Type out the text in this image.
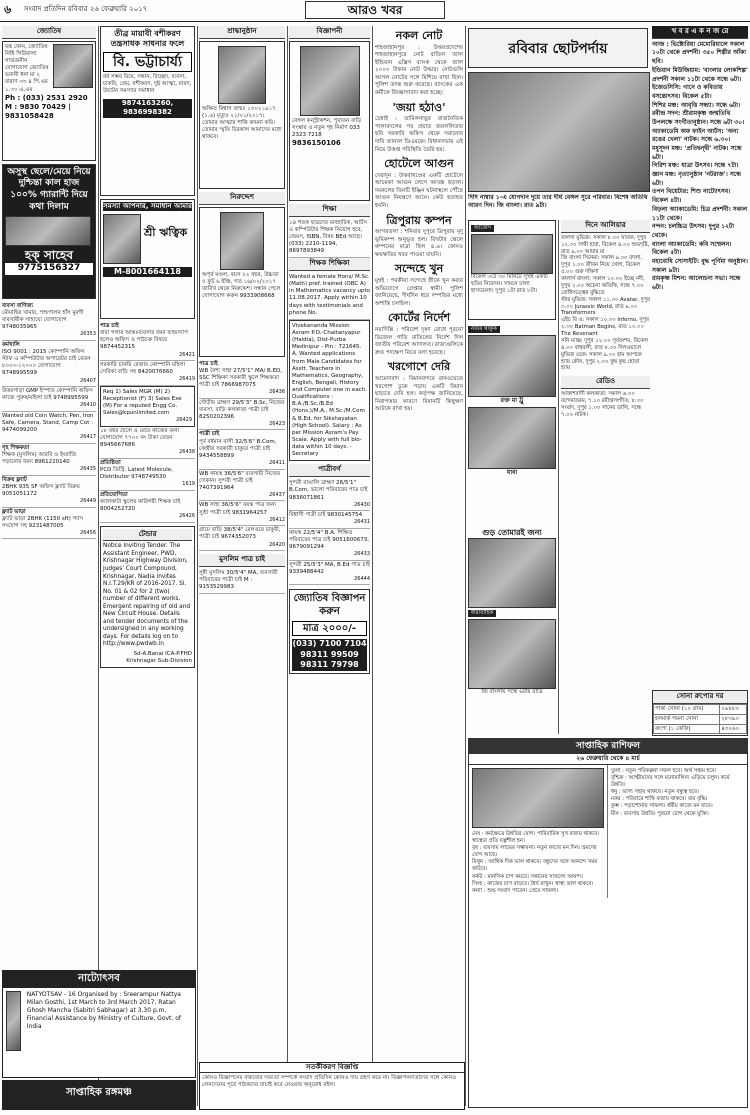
৬ সংবাদ প্রতিদিন রবিবার ২৬ ফেব্রুয়ারি ২০১৭	আরও খবর
জ্যোতিষ

যন্ত্র ফোন, জ্যোতিষ নিধি গিরিবালা সার্ভজনীন যোগাযোগ জ্যোতিষ ভবানী ধনা মা ২ বারাণ ৩৩ ৪ পি.এম ১.৩০ এ.এম

Ph : (033) 2531 2920

M : 9830 70429 | 9831058428

অসুস্থ ছেলে/মেয়ে নিয়ে দুশ্চিন্তা কাল হাজ ১০০% গ্যারান্টি দিয়ে কথা দিলাম

হক্‌ সাহেব

9775156327

ব্যবসা বাণিজ্য
মৌমাছির খামার, পশুপালন হাঁস মুরগী ব্যবসায়ীক সাহায্যে যোগাযোগ 9748035965
26353
কর্মখালি
ISO 9001 : 2015 কোম্পানি অফিস স্টাফ ও কম্পিউটার অপারেটর চাই বেতন ৮০০০-১২০০০ যোগাযোগ 9748995599
26407
উত্তরপাড়া GMP ইস্পাত কোম্পানি অফিস কাজে পুরুষ/মহিলা চাই 9748995599
26410
Wanted old Coin Watch, Pen, Iron Safe, Camera, Stand, Camp Cot : 9474099200
26417
গৃহ শিক্ষকতা
শিক্ষক (মুসলিম) আরবি ও ইংরাজি পড়ানোর জন্য 8961220140
26435
বিক্রয় ফ্ল্যাট
2BHK 935 SF অফিস ফ্ল্যাট বিক্রয় 9051051172
26449
ফ্ল্যাট ভাড়া
ফ্ল্যাট ভাড়া 2BHK (1150 sft) গ্যাস সংযোগ সহ 9231487005
26456
নাট্যোৎসব

NATYOTSAV - 16 Organised by : Sreerampur Nattya Milan Gosthi, 1st March to 3rd March 2017, Ratan Ghosh Mancha (Sabitri Sabhagar) at 3.30 p.m. Financial Assistance by Ministry of Culture, Govt. of India

সাপ্তাহিক রঙ্গমঞ্চ

তীব্র মায়াবী বশীকরণ তন্ত্রসাধক সাধনার ফলে

বি. ভট্টাচার্য্য

বর্ষ সম্ভব বিয়ে, সন্তান, বিচ্ছেদ, ব্যবসা, চাকরি, প্রেম, বশীকরণ, দুষ্ট আত্মা, মারণ, উচাটন সমস্যার সমাধান

9874163260, 9836998382

সমস্যা আপনার, সমাধান আমার

শ্রী ঋত্বিক

M-8001664118

পাত্র চাই
বাবা গলার আন্তঃব্যবসার জমা ফান্ডস্যাপ হলেও অফিস ও পাঠচক্র বিষয়ে 9874452315
26421
সরকারি চাকরি রেজার কোম্পানি মহিলা সেবিকা বাড়ি সহ 8420076660
26419
Req 1) Sales MGR (M) 2) Receptionist (F) 3) Sales Exe (M) For a reputed Engg Co. Sales@kpunlimited.com
26429
১৮ বছর ছেলে ও মেয়ে কাজের জন্য যোগাযোগ ৭৭০০ নং টাকা বেতন 8945667686
26438
প্রতিষ্ঠিতা
PCD ডিস্ট্রি. Latest Molecule, DIstributor 9748749530
1619
প্রতিযোগিতা
ক্যালকাটা স্কুলের কারিগরী শিক্ষক চাই 8004252720
26426
টেন্ডার

Notice Inviting Tender. The Assistant Engineer, PWD, Krishnagar Highway Division, Judges' Court Compound, Krishnagar, Nadia invites N.I.T.29/KR of 2016-2017. SI. No. 01 & 02 for 2 (two) number of different works, Emergent repairing of old and New Circuit House. Details and tender documents of the undersigned in any working days. For details log on to http://www.pwdwb.in

Sd-A.Banai ICA-P.FHD Krishnagar Sub-Division

শ্রাদ্ধানুষ্ঠান

অক্ষিত বিশ্বাস জন্মঃ ১৩০২১৯১৭ (১.৬) মৃত্যুঃ ২১/০১/২০১৭। তোমার আত্মার শান্তি কামনা করি। তোমার স্মৃতি চিরকাল আমাদের মধ্যে থাকবে।

নিরুদ্দেশ

অপূর্ব মণ্ডল, বয়স ২২ বছর, উচ্চতা ৫ ফুট ৬ ইঞ্চি, গত ১৬/০২/২০১৭ তারিখ থেকে নিরুদ্দেশ। সন্ধান পেলে যোগাযোগ করুন 9933908668

পাত্র চাই
WB বৈশ্য সাহা 27/5'1" MA/ B.ED, SSC শিক্ষিকা সরকারী স্কুলে শিক্ষকতা পাত্রী চাই 7866987075
26436
গৌড়ীয় ব্রাহ্মণ 29/5'3" B.Sc, নিজের ব্যবসা, বাড়ি কলকাতা পাত্রী চাই 8250202396
26423
পাত্রী চাই
পূর্ব বর্ধমান বাসী 32/5'6" B.Com, কেন্দ্রীয় সরকারী চাকুরে পাত্রী চাই 9434558899
26411
WB কায়স্থ 36/5'6" ব্যবসায়ী নিজের দোকান। সুন্দরী পাত্রী চাই 7407391964
26437
WB সাহা 36/5'6" বয়স্ক পাত্র জন্য সুশ্রী পাত্রী চাই 9831964257
26412
গ্রামে বাড়ি 38/5'4" রেলওয়ে চাকুরী, পাত্রী চাই 9674352073
26420
মুসলিম পাত্র চাই
সুন্নী মুসলিম 30/5'4" MA, ব্যবসায়ী পরিবারের পাত্রী চাই M : 9153529983
বিজ্ঞাপনী

বেঙ্গল কন্স্ট্রাকশন, পুরাতন বাড়ি সংস্কার ও নতুন গৃহ নির্মাণ 033 2323 7218

9836150106

শিক্ষা
১৪ শতক ছাত্রদের ব্যবহারিক, আর্টস ও কম্পিউটার শিক্ষক নিয়োগ হবে, জেমস, ISBN, বিষয় BEd আছে। (033) 2210-1194, 8697893849
শিক্ষক শিক্ষিকা
Wanted a female Hons/ M.Sc.(Math) pref. trained (OBC A) in Mathematics vacancy upto 11.08.2017. Apply within 10 days with testimonials and phone No.
Vivekananda Mission Asram P.O.-Chaitanyapur (Haldia), Dist-Purba Medinipur - Pin : 721645. A. Wanted applications from Male Candidates for Asstt. Teachers in Mathematics, Geography, English, Bengali, History and Computer one in each. Qualifications : B.A./B.Sc./B.Ed (Hons.)/M.A., M.Sc./M.Com & B.Ed. for Sikshayatan (High School). Salary : As per Mission Asram's Pay Scale. Apply with full bio-data within 10 days. -Secretary
পাত্রীবর্গ
সুন্দরী বাঙালি ব্রাহ্মণ 26/5'1" B.Com, ভালো পরিবারের পাত্র চাই 9836071861
26430
বিশ্বাসী পাত্রী চাই 9830145754
26431
কায়স্থ 22/5'4" B.A. শিক্ষিত পরিবারের পাত্র চাই 9051600673, 9679091294
26433
সুন্দরী 25/5'3" MA, B.Ed পাত্র চাই 9339488442
26444

জ্যোতিষ বিজ্ঞাপন করুন

মাত্র ২০০০/-

(033) 7100 7104 98311 99509 98311 79798

সতর্কীকরণ বিজ্ঞপ্তি

কোনও বিজ্ঞাপনের বক্তব্যের সত্যতা সম্পর্কে সংবাদ প্রতিদিন কোনও দায় গ্রহণ করে না। বিজ্ঞাপনদাতাদের সঙ্গে কোনও লেনদেনের পূর্বে পাঠকদের যাচাই করে নেওয়ার অনুরোধ রইল।

নকল নোট

শাহজাহানপুর : উত্তরপ্রদেশের শাহজাহানপুরে নোট বাতিল জাল ইন্ডিয়ান এক্সিস ব্যাংক থেকে জাল ২০০০ টাকার নোট উদ্ধার। নোটগুলি আসল নোটের সঙ্গে মিশিয়ে রাখা ছিল। পুলিশ তদন্ত শুরু করেছে। ব্যাংকের এক কর্মীকে জিজ্ঞাসাবাদ করা হচ্ছে।

'জয়া হঠাও'

চেন্নাই : তামিলনাড়ুর রাজনৈতিক পালাবদলের পর প্রয়াত জয়ললিতার ছবি সরকারি অফিস থেকে সরানোর দাবি জানাল ডিএমকে। বিধানসভায় এই নিয়ে উত্তপ্ত পরিস্থিতি তৈরি হয়।

হোটেলে আগুন

দেরাদুন : উত্তরাখণ্ডের একটি হোটেলে আচমকা আগুন লেগে আতঙ্ক ছড়াল। দমকলের তিনটি ইঞ্জিন ঘটনাস্থলে পৌঁছে আগুন নিয়ন্ত্রণে আনে। কেউ হতাহত হননি।

ত্রিপুরায় কম্পন

আগরতলা : শনিবার দুপুরে ত্রিপুরায় মৃদু ভূমিকম্প অনুভূত হল। রিখটার স্কেলে কম্পনের মাত্রা ছিল ৪.৬। কোনও ক্ষয়ক্ষতির খবর পাওয়া যায়নি।

সন্দেহে খুন

মুম্বই : পরকীয়া সন্দেহে স্ত্রীকে খুন করার অভিযোগে গ্রেপ্তার স্বামী। পুলিশ জানিয়েছে, দীর্ঘদিন ধরে দম্পতির মধ্যে অশান্তি চলছিল।

কোর্টের নির্দেশ

নয়াদিল্লি : পরিবেশ দূষণ রোধে পুরনো ডিজেল গাড়ি বাতিলের নির্দেশ দিল জাতীয় পরিবেশ আদালত। রাজ্যগুলিকে দ্রুত পদক্ষেপ নিতে বলা হয়েছে।

খরগোশে দেরি

আমেদাবাদ : বিমানবন্দরে রানওয়েতে খরগোশ ঢুকে পড়ায় একটি বিমান ছাড়তে দেরি হল। কর্তৃপক্ষ জানিয়েছে, নিরাপত্তার কারণে বিমানটি কিছুক্ষণ আটকে রাখা হয়।

রবিবার ছোটপর্দায়
দিদি নাম্বার ১-এ যোগদান দুয়ে তার দীর্ঘ বেঙ্গল সুরে পরিবার। বিশেষ অতিথি আরণ দিন। জি বাংলা। রাত ৯টা।
আর্জেস

বিকেল ৩টে ৩০ মিনিটে সুখই একটি ছবির নিবেদন। সামনে ঢালা হাস্যমেলা। দুপুর ১টা রাত ৮টা।

নজর থাকুক

রক্ত মা ট্রু

যাবা

গুড় তোমারই জন্য

ধারাবাহিক

জি বাংলায় সন্ধে ৬টায় রাত্রি

দিনে আলিয়ার

জলসা মুভিজ: সকাল ৮.০০ ঘাতক, দুপুর ১২.০০ সাথী হারা, বিকেল ৪.০০ শুভদৃষ্টি, রাত ৯.০০ আমার মা

জি বাংলা সিনেমা: সকাল ৯.০০ বদলা, দুপুর ১.০০ জীবন নিয়ে খেলা, বিকেল ৫.০০ গুরু দক্ষিণা

কালার্স বাংলা: সকাল ১০.০০ ইচ্ছে নদী, দুপুর ২.০০ অচেনা অতিথি, সন্ধে ৭.০০ বোধিসত্ত্বের বুদ্ধিতে

স্টার মুভিজ: সকাল ১১.০০ Avatar, দুপুর ৩.০০ Jurassic World, রাত ৯.০০ Transformers

এইচ বি ও: সকাল ১০.৩০ Inferno, দুপুর ২.৩০ Batman Begins, রাত ১০.০০ The Revenant

সনি ম্যাক্স: দুপুর ১২.০০ সূর্যবংশম, বিকেল ৪.০০ বাহুবলী, রাত ৮.০০ দিলওয়ালে

মুভিজ ওকে: সকাল ৯.০০ হাম আপকে হ্যায় কৌন, দুপুর ২.০০ কুছ কুছ হোতা হ্যায়

রেডিও

আকাশবাণী কলকাতা: সকাল ৬.০০ বন্দেমাতরম, ৭.১০ রবীন্দ্রসংগীত, ৮.০০ সংবাদ, দুপুর ১.০০ গানের ডালি, সন্ধে ৭.০০ নাটক।

খ ব র এ ক ন জ রে

আজ : ভিক্টোরিয়া মেমোরিয়ালে সকাল ১০টা থেকে প্রদর্শনী। ৩৫০ শিল্পীর আঁকা ছবি।

ইন্ডিয়ান মিউজিয়াম: 'বাংলার লোকশিল্প' প্রদর্শনী সকাল ১১টা থেকে সন্ধে ৬টা।

ইজেডসিসি: গানে ও কবিতায় বসন্তোৎসব। বিকেল ৫টা।

শিশির মঞ্চ: আবৃত্তি সন্ধ্যা। সন্ধে ৬টা।

রবীন্দ্র সদন: শ্রীরামকৃষ্ণ জন্মতিথি উপলক্ষে সংগীতানুষ্ঠান। সন্ধে ৬টা ৩০।

অ্যাকাডেমি অফ ফাইন আর্টস: 'অন্য রঙের খেলা' নাটক। সন্ধে ৬.৩০।

মধুসূদন মঞ্চ: 'প্রতিদ্বন্দ্বী' নাটক। সন্ধে ৬টা।

গিরিশ মঞ্চ: যাত্রা উৎসব। সন্ধে ৭টা।

জ্ঞান মঞ্চ: নৃত্যানুষ্ঠান 'নটরাজ'। সন্ধে ৬টা।

তপন থিয়েটার: শিশু নাট্যোৎসব। বিকেল ৪টা।

বিড়লা অ্যাকাডেমি: চিত্র প্রদর্শনী। সকাল ১১টা থেকে।

নন্দন: চলচ্চিত্র উৎসব। দুপুর ১২টা থেকে।

বাংলা অ্যাকাডেমি: কবি সম্মেলন। বিকেল ৫টা।

মহাবোধি সোসাইটি: বুদ্ধ পূর্ণিমা অনুষ্ঠান। সকাল ৯টা।

রামকৃষ্ণ মিশন: আলোচনা সভা। সন্ধে ৬টা।

সোনা রুপোর দর
পাকা সোনা (১০ গ্রাম)	২৯৮৮০
হলমার্ক গয়না সোনা	২৮৩৯০
রুপো (১ কেজি)	৪৩২৬০
সাপ্তাহিক রাশিফল
২৬ ফেব্রুয়ারি থেকে ৪ মার্চ

মেষ : কর্মক্ষেত্রে উন্নতির যোগ। পারিবারিক সুখ বজায় থাকবে। স্বাস্থ্যের প্রতি যত্নশীল হন।

বৃষ : ব্যবসায় লাভের সম্ভাবনা। নতুন কাজে মন দিন। ভ্রমণের যোগ আছে।

মিথুন : আর্থিক দিক ভাল থাকবে। বন্ধুদের সঙ্গে আনন্দে সময় কাটবে।

কর্কট : মানসিক চাপ কমবে। সন্তানের সাফল্যে আনন্দ।

সিংহ : কাজের চাপ বাড়বে। ধৈর্য রাখুন। স্বাস্থ্য ভাল থাকবে।

কন্যা : শুভ সংবাদ পাবেন। প্রেমে সাফল্য।

তুলা : নতুন পরিকল্পনা সফল হবে। অর্থ সঞ্চয় হবে।

বৃশ্চিক : আত্মীয়দের সঙ্গে মনোমালিন্য এড়িয়ে চলুন। কর্মে উন্নতি।

ধনু : ভাগ্য সহায় থাকবে। নতুন বন্ধুত্ব হবে।

মকর : পরিবারে শান্তি বজায় থাকবে। ব্যয় বৃদ্ধি।

কুম্ভ : পড়াশোনায় সাফল্য। ধর্মীয় কাজে মন যাবে।

মীন : ব্যবসায় উন্নতি। পুরনো রোগ থেকে মুক্তি।
